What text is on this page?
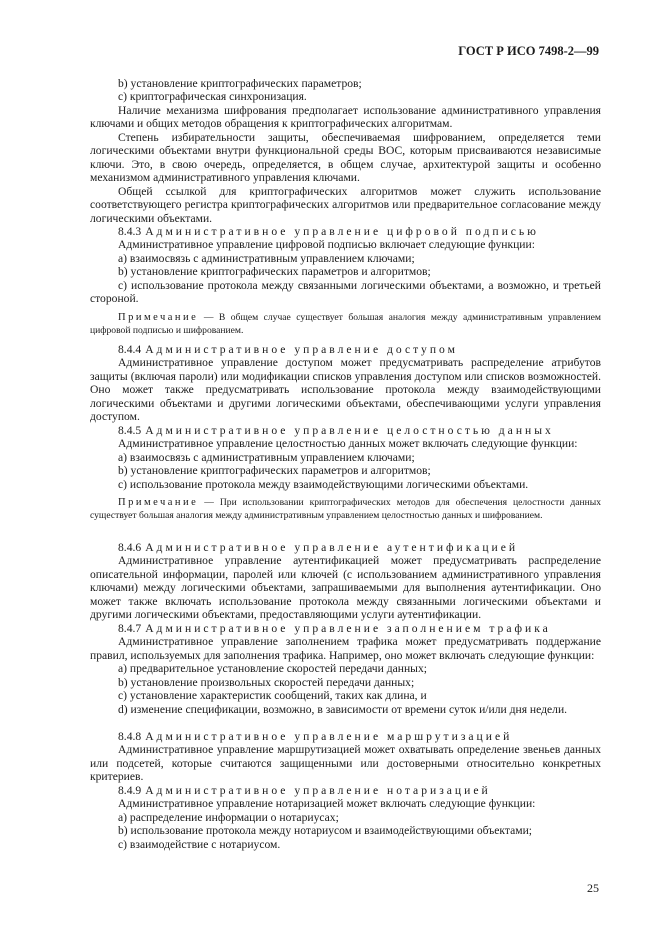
ГОСТ Р ИСО 7498-2—99

b) установление криптографических параметров;

c) криптографическая синхронизация.

Наличие механизма шифрования предполагает использование административного управления ключами и общих методов обращения к криптографических алгоритмам.

Степень избирательности защиты, обеспечиваемая шифрованием, определяется теми логическими объектами внутри функциональной среды ВОС, которым присваиваются независимые ключи. Это, в свою очередь, определяется, в общем случае, архитектурой защиты и особенно механизмом административного управления ключами.

Общей ссылкой для криптографических алгоритмов может служить использование соответствующего регистра криптографических алгоритмов или предварительное согласование между логическими объектами.

8.4.3 Административное управление цифровой подписью

Административное управление цифровой подписью включает следующие функции:

a) взаимосвязь с административным управлением ключами;

b) установление криптографических параметров и алгоритмов;

c) использование протокола между связанными логическими объектами, а возможно, и третьей стороной.

Примечание — В общем случае существует большая аналогия между административным управлением цифровой подписью и шифрованием.

8.4.4 Административное управление доступом

Административное управление доступом может предусматривать распределение атрибутов защиты (включая пароли) или модификации списков управления доступом или списков возможностей. Оно может также предусматривать использование протокола между взаимодействующими логическими объектами и другими логическими объектами, обеспечивающими услуги управления доступом.

8.4.5 Административное управление целостностью данных

Административное управление целостностью данных может включать следующие функции:

a) взаимосвязь с административным управлением ключами;

b) установление криптографических параметров и алгоритмов;

c) использование протокола между взаимодействующими логическими объектами.

Примечание — При использовании криптографических методов для обеспечения целостности данных существует большая аналогия между административным управлением целостностью данных и шифрованием.

8.4.6 Административное управление аутентификацией

Административное управление аутентификацией может предусматривать распределение описательной информации, паролей или ключей (с использованием административного управления ключами) между логическими объектами, запрашиваемыми для выполнения аутентификации. Оно может также включать использование протокола между связанными логическими объектами и другими логическими объектами, предоставляющими услуги аутентификации.

8.4.7 Административное управление заполнением трафика

Административное управление заполнением трафика может предусматривать поддержание правил, используемых для заполнения трафика. Например, оно может включать следующие функции:

a) предварительное установление скоростей передачи данных;

b) установление произвольных скоростей передачи данных;

c) установление характеристик сообщений, таких как длина, и

d) изменение спецификации, возможно, в зависимости от времени суток и/или дня недели.

8.4.8 Административное управление маршрутизацией

Административное управление маршрутизацией может охватывать определение звеньев данных или подсетей, которые считаются защищенными или достоверными относительно конкретных критериев.

8.4.9 Административное управление нотаризацией

Административное управление нотаризацией может включать следующие функции:

a) распределение информации о нотариусах;

b) использование протокола между нотариусом и взаимодействующими объектами;

c) взаимодействие с нотариусом.

25
